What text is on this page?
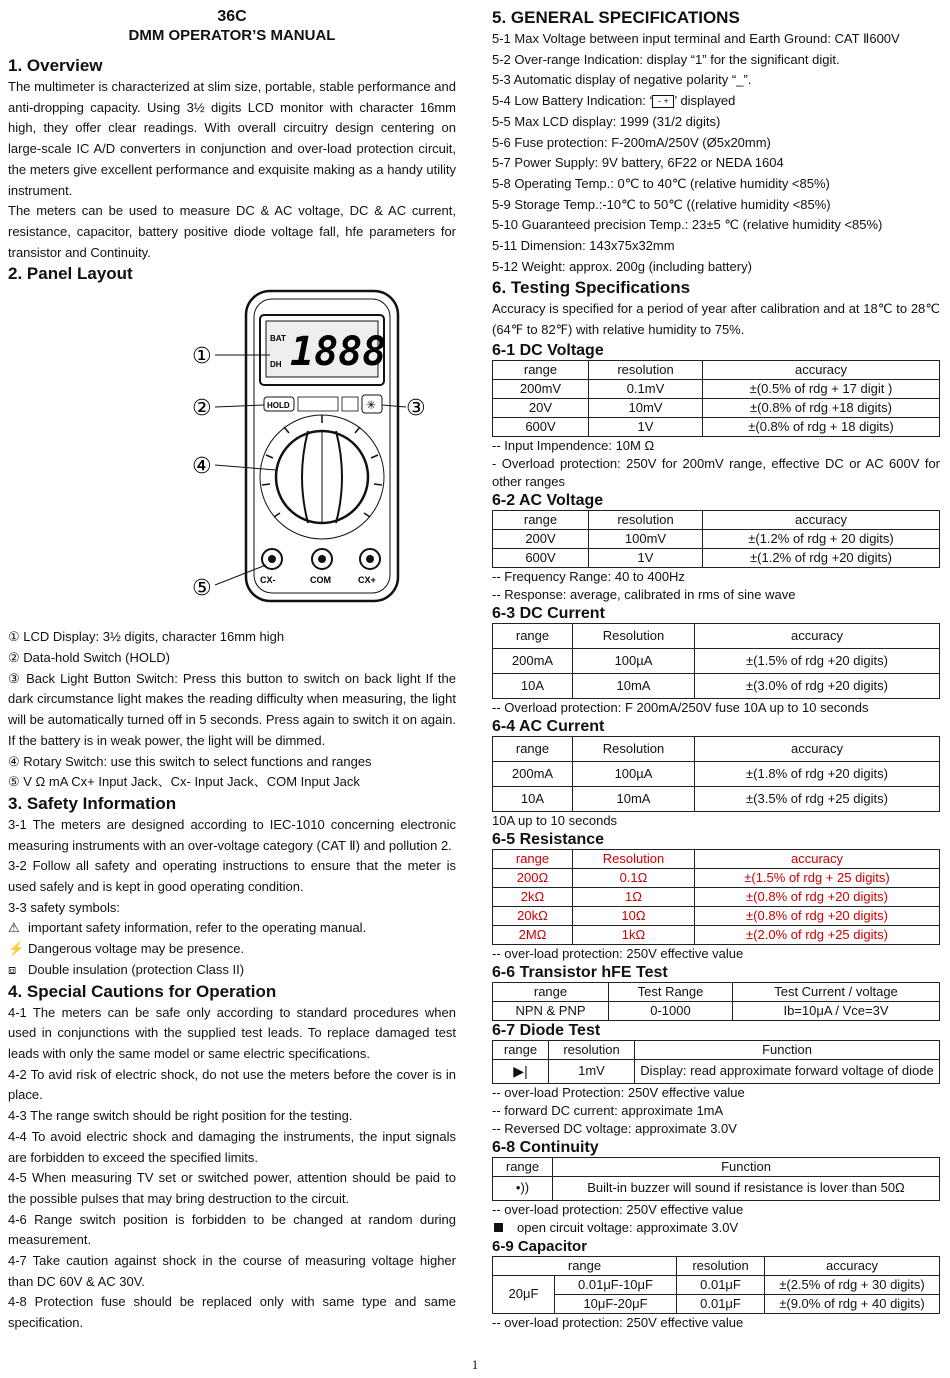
36C
DMM OPERATOR’S MANUAL
1. Overview

The multimeter is characterized at slim size, portable, stable performance and anti-dropping capacity. Using 3½ digits LCD monitor with character 16mm high, they offer clear readings. With overall circuitry design centering on large-scale IC A/D converters in conjunction and over-load protection circuit, the meters give excellent performance and exquisite making as a handy utility instrument.

The meters can be used to measure DC & AC voltage, DC & AC current, resistance, capacitor, battery positive diode voltage fall, hfe parameters for transistor and Continuity.

2. Panel Layout
BAT
DH 1888
HOLD	✳
CX-	COM	CX+
①
②	③
④
⑤
① LCD Display: 3½ digits, character 16mm high
② Data-hold Switch (HOLD)

③ Back Light Button Switch: Press this button to switch on back light If the dark circumstance light makes the reading difficulty when measuring, the light will be automatically turned off in 5 seconds. Press again to switch it on again. If the battery is in weak power, the light will be dimmed.

④ Rotary Switch: use this switch to select functions and ranges
⑤ V Ω mA Cx+ Input Jack、Cx- Input Jack、COM Input Jack
3. Safety Information

3-1 The meters are designed according to IEC-1010 concerning electronic measuring instruments with an over-voltage category (CAT Ⅱ) and pollution 2.

3-2 Follow all safety and operating instructions to ensure that the meter is used safely and is kept in good operating condition.

3-3 safety symbols:
⚠ important safety information, refer to the operating manual.
⚡ Dangerous voltage may be presence.
⧈ Double insulation (protection Class II)
4. Special Cautions for Operation

4-1 The meters can be safe only according to standard procedures when used in conjunctions with the supplied test leads. To replace damaged test leads with only the same model or same electric specifications.

4-2 To avid risk of electric shock, do not use the meters before the cover is in place.

4-3 The range switch should be right position for the testing.

4-4 To avoid electric shock and damaging the instruments, the input signals are forbidden to exceed the specified limits.

4-5 When measuring TV set or switched power, attention should be paid to the possible pulses that may bring destruction to the circuit.

4-6 Range switch position is forbidden to be changed at random during measurement.

4-7 Take caution against shock in the course of measuring voltage higher than DC 60V & AC 30V.

4-8 Protection fuse should be replaced only with same type and same specification.

5. GENERAL SPECIFICATIONS
5-1 Max Voltage between input terminal and Earth Ground: CAT Ⅱ600V
5-2 Over-range Indication: display “1” for the significant digit.
5-3 Automatic display of negative polarity “_”.
5-4 Low Battery Indication: ‘ - + ’ displayed
5-5 Max LCD display: 1999 (31/2 digits)
5-6 Fuse protection: F-200mA/250V (Ø5x20mm)
5-7 Power Supply: 9V battery, 6F22 or NEDA 1604
5-8 Operating Temp.: 0℃ to 40℃ (relative humidity <85%)
5-9 Storage Temp.:-10℃ to 50℃ ((relative humidity <85%)
5-10 Guaranteed precision Temp.: 23±5 ℃ (relative humidity <85%)
5-11 Dimension: 143x75x32mm
5-12 Weight: approx. 200g (including battery)
6. Testing Specifications

Accuracy is specified for a period of year after calibration and at 18℃ to 28℃ (64℉ to 82℉) with relative humidity to 75%.

6-1 DC Voltage
range	resolution	accuracy
200mV	0.1mV	±(0.5% of rdg + 17 digit )
20V	10mV	±(0.8% of rdg +18 digits)
600V	1V	±(0.8% of rdg + 18 digits)
-- Input Impendence: 10M Ω

- Overload protection: 250V for 200mV range, effective DC or AC 600V for other ranges

6-2 AC Voltage
range	resolution	accuracy
200V	100mV	±(1.2% of rdg + 20 digits)
600V	1V	±(1.2% of rdg +20 digits)
-- Frequency Range: 40 to 400Hz
-- Response: average, calibrated in rms of sine wave
6-3 DC Current
range	Resolution	accuracy
200mA	100µA	±(1.5% of rdg +20 digits)
10A	10mA	±(3.0% of rdg +20 digits)
-- Overload protection: F 200mA/250V fuse 10A up to 10 seconds
6-4 AC Current
range	Resolution	accuracy
200mA	100µA	±(1.8% of rdg +20 digits)
10A	10mA	±(3.5% of rdg +25 digits)
10A up to 10 seconds
6-5 Resistance
range	Resolution	accuracy
200Ω	0.1Ω	±(1.5% of rdg + 25 digits)
2kΩ	1Ω	±(0.8% of rdg +20 digits)
20kΩ	10Ω	±(0.8% of rdg +20 digits)
2MΩ	1kΩ	±(2.0% of rdg +25 digits)
-- over-load protection: 250V effective value
6-6 Transistor hFE Test
range	Test Range	Test Current / voltage
NPN & PNP	0-1000	Ib=10μA / Vce=3V
6-7 Diode Test
range	resolution	Function
▶|	1mV	Display: read approximate forward voltage of diode
-- over-load Protection: 250V effective value
-- forward DC current: approximate 1mA
-- Reversed DC voltage: approximate 3.0V
6-8 Continuity
range	Function
•))	Built-in buzzer will sound if resistance is lover than 50Ω
-- over-load protection: 250V effective value
open circuit voltage: approximate 3.0V
6-9 Capacitor
range		resolution	accuracy
20μF	0.01μF-10μF	0.01μF	±(2.5% of rdg + 30 digits)
	10μF-20μF	0.01μF	±(9.0% of rdg + 40 digits)
-- over-load protection: 250V effective value
1
